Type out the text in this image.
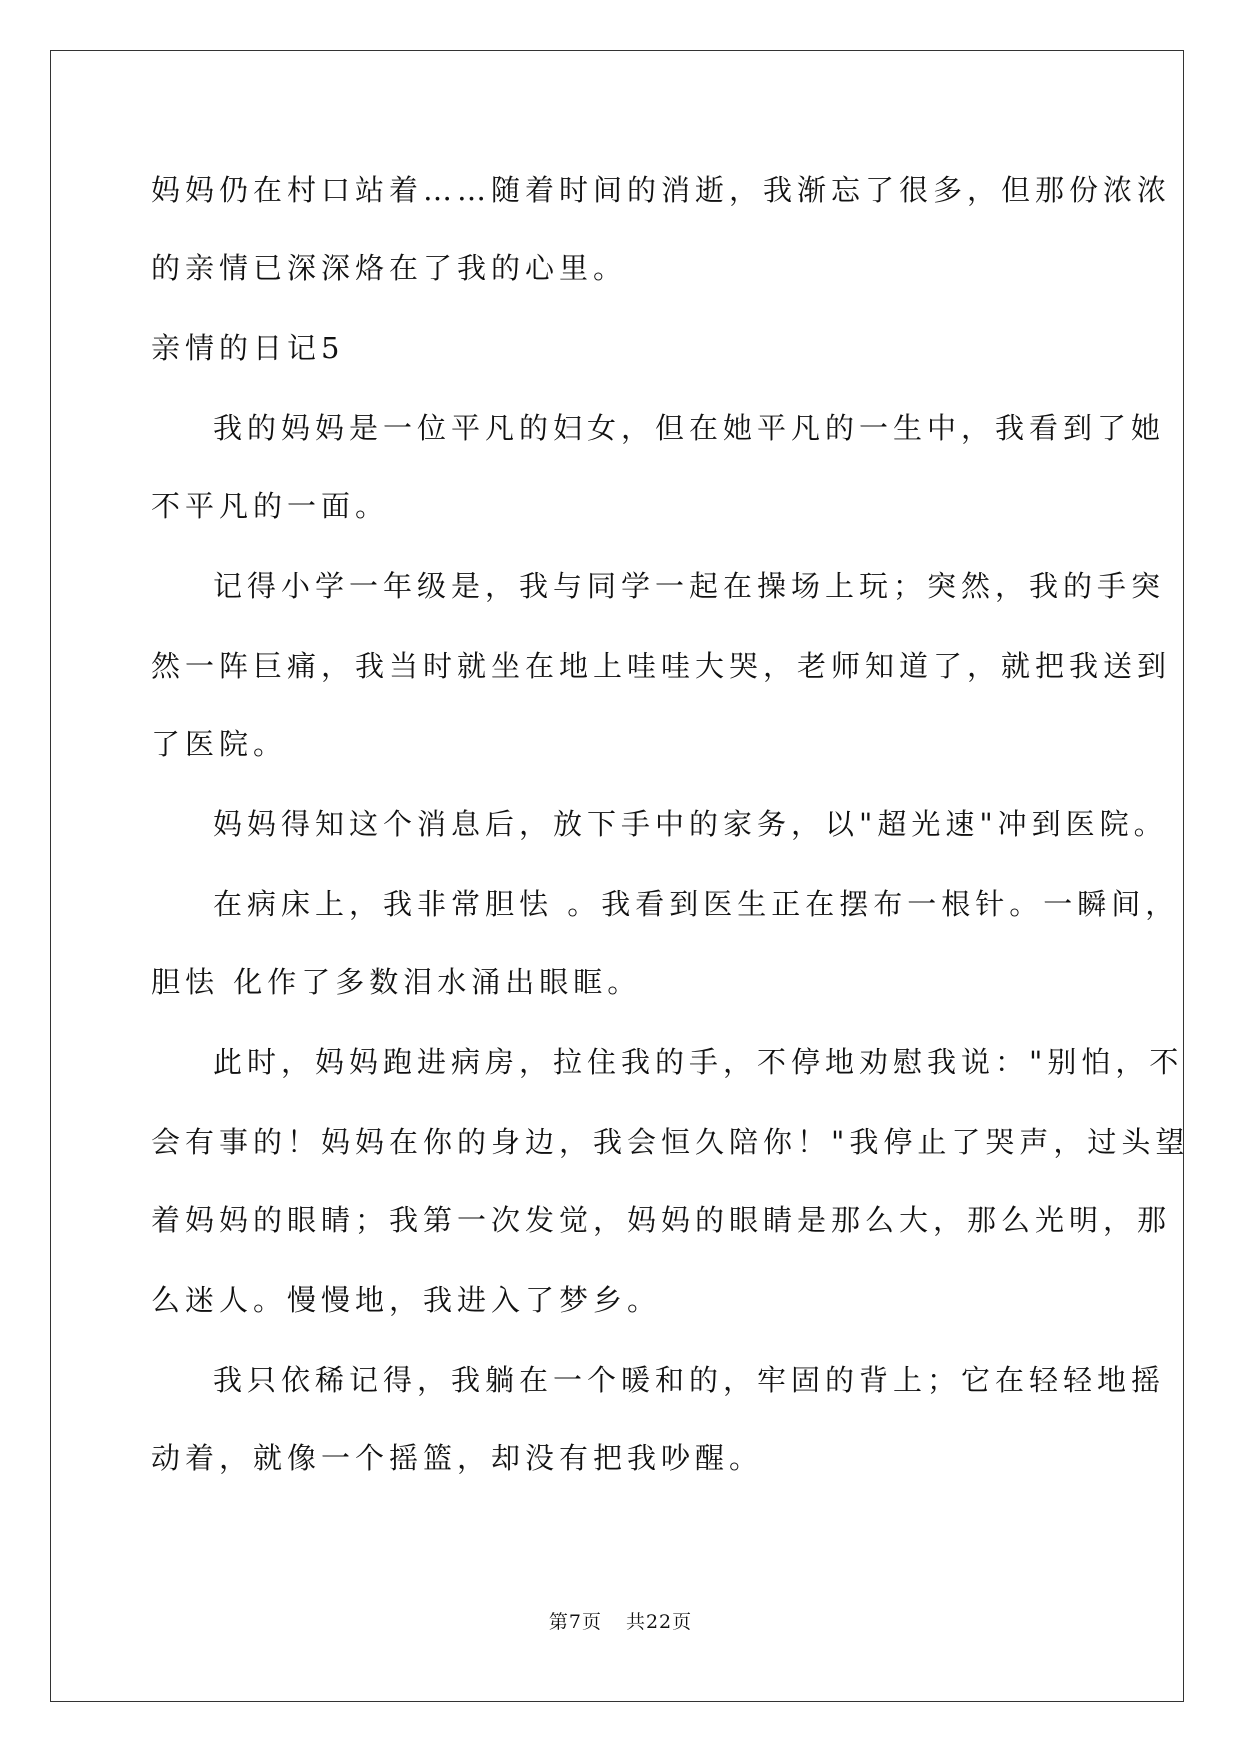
妈妈仍在村口站着……随着时间的消逝，我渐忘了很多，但那份浓浓
的亲情已深深烙在了我的心里。
亲情的日记5
我的妈妈是一位平凡的妇女，但在她平凡的一生中，我看到了她
不平凡的一面。
记得小学一年级是，我与同学一起在操场上玩；突然，我的手突
然一阵巨痛，我当时就坐在地上哇哇大哭，老师知道了，就把我送到
了医院。
妈妈得知这个消息后，放下手中的家务，以"超光速"冲到医院。
在病床上，我非常胆怯 。我看到医生正在摆布一根针。一瞬间，
胆怯 化作了多数泪水涌出眼眶。
此时，妈妈跑进病房，拉住我的手，不停地劝慰我说："别怕，不
会有事的！妈妈在你的身边，我会恒久陪你！"我停止了哭声，过头望
着妈妈的眼睛；我第一次发觉，妈妈的眼睛是那么大，那么光明，那
么迷人。慢慢地，我进入了梦乡。
我只依稀记得，我躺在一个暖和的，牢固的背上；它在轻轻地摇
动着，就像一个摇篮，却没有把我吵醒。
第7页 共22页
